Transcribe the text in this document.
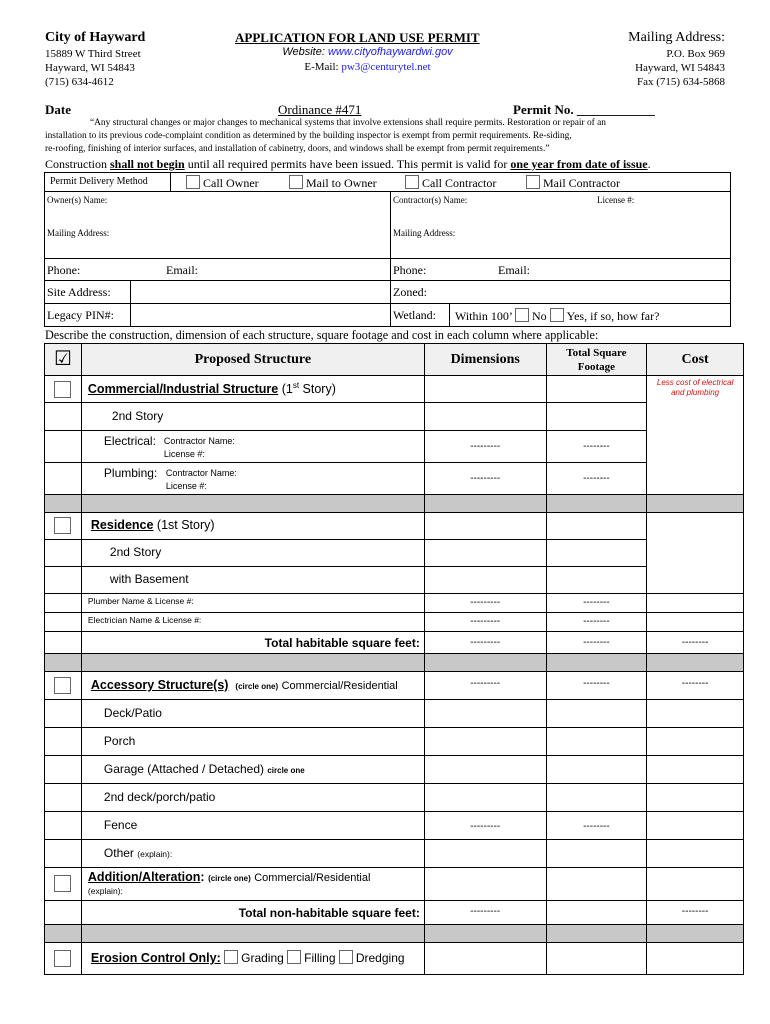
City of Hayward
15889 W Third Street
Hayward, WI 54843
(715) 634-4612
APPLICATION FOR LAND USE PERMIT
Website: www.cityofhaywardwi.gov
E-Mail: pw3@centurytel.net
Mailing Address:
P.O. Box 969
Hayward, WI 54843
Fax (715) 634-5868
Date	Ordinance #471	Permit No. ____________
“Any structural changes or major changes to mechanical systems that involve extensions shall require permits. Restoration or repair of an
installation to its previous code-complaint condition as determined by the building inspector is exempt from permit requirements. Re-siding,
re-roofing, finishing of interior surfaces, and installation of cabinetry, doors, and windows shall be exempt from permit requirements.”
Construction shall not begin until all required permits have been issued. This permit is valid for one year from date of issue.
Permit Delivery Method	Call Owner	Mail to Owner	Call Contractor	Mail Contractor
Owner(s) Name:	Contractor(s) Name:	License #:
Mailing Address:	Mailing Address:
Phone:	Email:	Phone:	Email:
Site Address:	Zoned:
Legacy PIN#:	Wetland: Within 100’ No Yes, if so, how far?
Describe the construction, dimension of each structure, square footage and cost in each column where applicable:
☑	Proposed Structure	Dimensions	Total Square Footage	Cost

	Commercial/Industrial Structure (1st Story)			Less cost of electrical and plumbing
	2nd Story			
	Electrical: Contractor Name:
License #:	---------	--------	
	Plumbing: Contractor Name:
License #:	---------	--------	

	Residence (1st Story)			
	2nd Story			
	with Basement			
	Plumber Name & License #:	---------	--------	
	Electrician Name & License #:	---------	--------	
	Total habitable square feet:	---------	--------	--------

	Accessory Structure(s) (circle one) Commercial/Residential	---------	--------	--------
	Deck/Patio			
	Porch			
	Garage (Attached / Detached) circle one			
	2nd deck/porch/patio			
	Fence	---------	--------	
	Other (explain):			

	Addition/Alteration: (circle one) Commercial/Residential
(explain):			

	Total non-habitable square feet:	---------		--------

	Erosion Control Only: Grading Filling Dredging			
